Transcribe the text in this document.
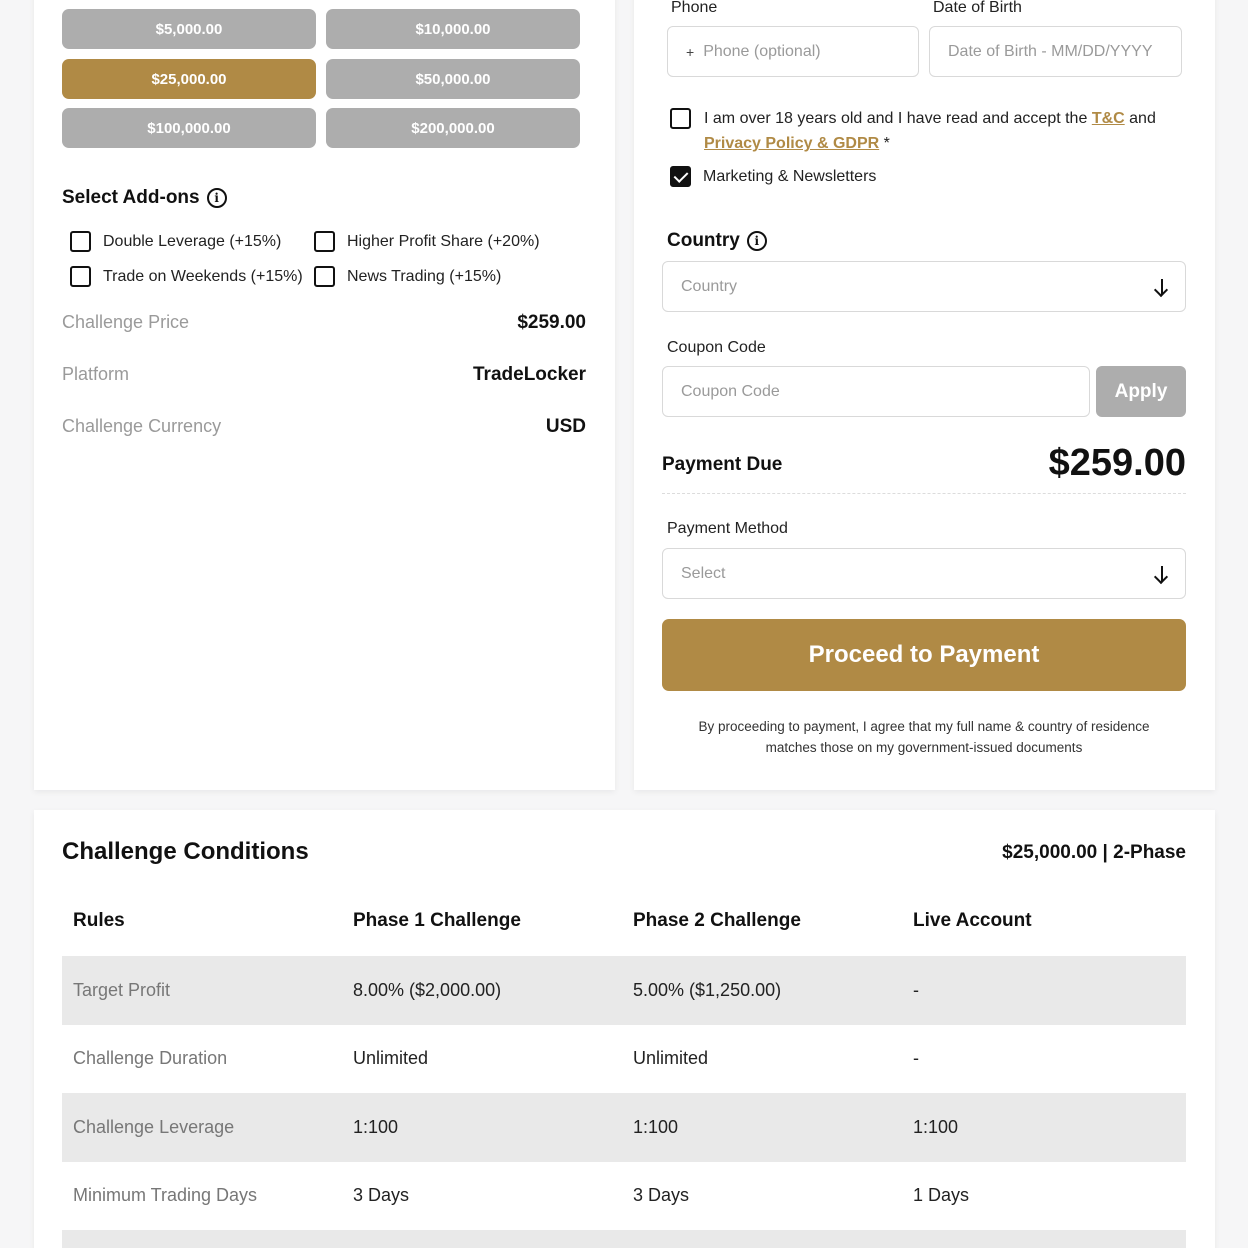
$5,000.00	$10,000.00
$25,000.00	$50,000.00
$100,000.00	$200,000.00
Select Add-ons	i
Double Leverage (+15%)	Higher Profit Share (+20%)
Trade on Weekends (+15%)	News Trading (+15%)
Challenge Price	$259.00
Platform	TradeLocker
Challenge Currency	USD
Phone	Date of Birth
+ Phone (optional)	Date of Birth - MM/DD/YYYY
I am over 18 years old and I have read and accept the T&C and Privacy Policy & GDPR *
Marketing & Newsletters
Country	i
Country
Coupon Code
Coupon Code	Apply
Payment Due	$259.00
Payment Method
Select
Proceed to Payment
By proceeding to payment, I agree that my full name & country of residence
matches those on my government-issued documents
Challenge Conditions	$25,000.00 | 2-Phase
Rules	Phase 1 Challenge	Phase 2 Challenge	Live Account
Target Profit	8.00% ($2,000.00)	5.00% ($1,250.00)	-
Challenge Duration	Unlimited	Unlimited	-
Challenge Leverage	1:100	1:100	1:100
Minimum Trading Days	3 Days	3 Days	1 Days
